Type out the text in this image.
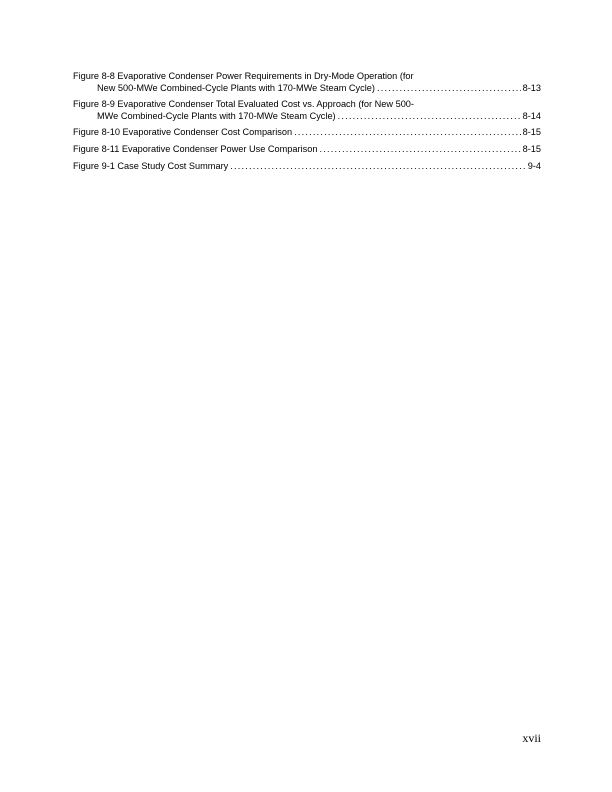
Figure 8-8 Evaporative Condenser Power Requirements in Dry-Mode Operation (for
New 500-MWe Combined-Cycle Plants with 170-MWe Steam Cycle) .....	8-13
Figure 8-9 Evaporative Condenser Total Evaluated Cost vs. Approach (for New 500-
MWe Combined-Cycle Plants with 170-MWe Steam Cycle) .....	8-14
Figure 8-10 Evaporative Condenser Cost Comparison .....	8-15
Figure 8-11 Evaporative Condenser Power Use Comparison .....	8-15
Figure 9-1 Case Study Cost Summary .....	9-4
xvii
